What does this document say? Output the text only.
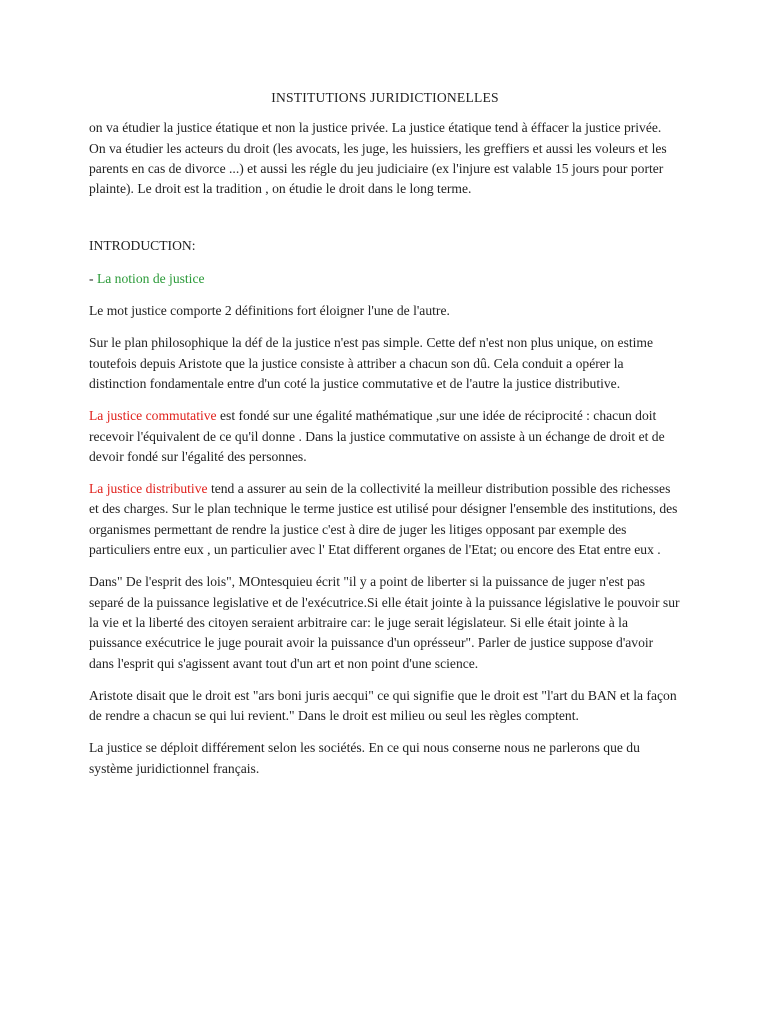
INSTITUTIONS JURIDICTIONELLES

on va étudier la justice étatique et non la justice privée. La justice étatique tend à éffacer la justice privée. On va étudier les acteurs du droit (les avocats, les juge, les huissiers, les greffiers et aussi les voleurs et les parents en cas de divorce ...) et aussi les régle du jeu judiciaire (ex l'injure est valable 15 jours pour porter plainte). Le droit est la tradition , on étudie le droit dans le long terme.

INTRODUCTION:

- La notion de justice

Le mot justice comporte 2 définitions fort éloigner l'une de l'autre.

Sur le plan philosophique la déf de la justice n'est pas simple. Cette def n'est non plus unique, on estime toutefois depuis Aristote que la justice consiste à attriber a chacun son dû. Cela conduit a opérer la distinction fondamentale entre d'un coté la justice commutative et de l'autre la justice distributive.

La justice commutative est fondé sur une égalité mathématique ,sur une idée de réciprocité : chacun doit recevoir l'équivalent de ce qu'il donne . Dans la justice commutative on assiste à un échange de droit et de devoir fondé sur l'égalité des personnes.

La justice distributive tend a assurer au sein de la collectivité la meilleur distribution possible des richesses et des charges. Sur le plan technique le terme justice est utilisé pour désigner l'ensemble des institutions, des organismes permettant de rendre la justice c'est à dire de juger les litiges opposant par exemple des particuliers entre eux , un particulier avec l' Etat different organes de l'Etat; ou encore des Etat entre eux .

Dans" De l'esprit des lois", MOntesquieu écrit "il y a point de liberter si la puissance de juger n'est pas separé de la puissance legislative et de l'exécutrice.Si elle était jointe à la puissance législative le pouvoir sur la vie et la liberté des citoyen seraient arbitraire car: le juge serait législateur. Si elle était jointe à la puissance exécutrice le juge pourait avoir la puissance d'un oprésseur". Parler de justice suppose d'avoir dans l'esprit qui s'agissent avant tout d'un art et non point d'une science.

Aristote disait que le droit est "ars boni juris aecqui" ce qui signifie que le droit est "l'art du BAN et la façon de rendre a chacun se qui lui revient." Dans le droit est milieu ou seul les règles comptent.

La justice se déploit différement selon les sociétés. En ce qui nous conserne nous ne parlerons que du système juridictionnel français.
